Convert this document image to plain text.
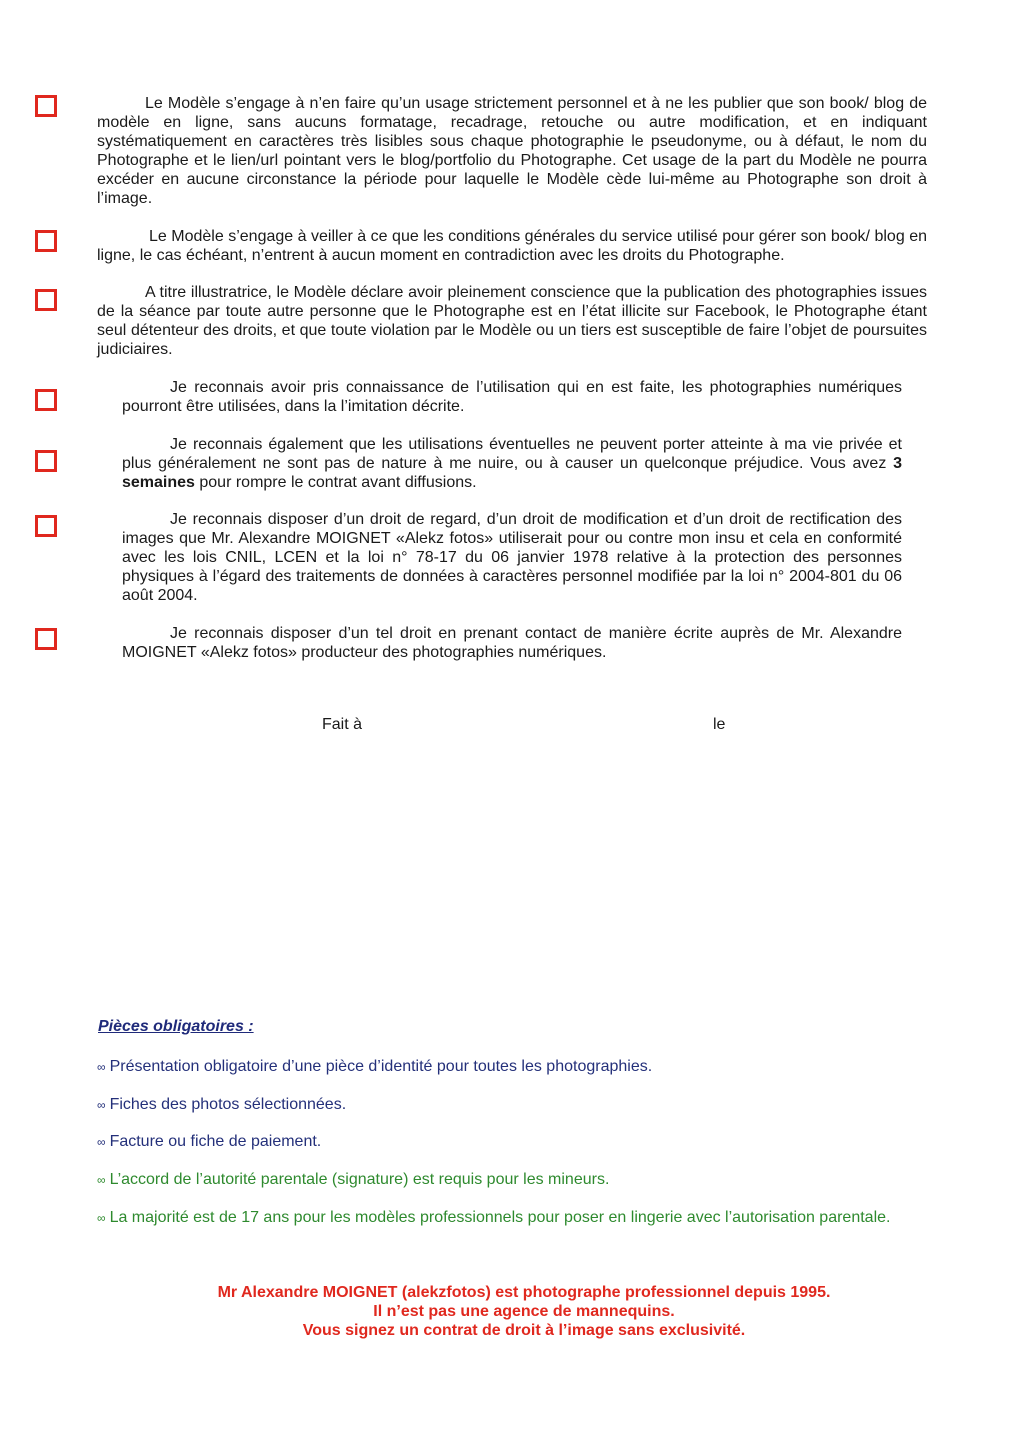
Le Modèle s’engage à n’en faire qu’un usage strictement personnel et à ne les publier que son book/ blog de modèle en ligne, sans aucuns formatage, recadrage, retouche ou autre modification, et en indiquant systématiquement en caractères très lisibles sous chaque photographie le pseudonyme, ou à défaut, le nom du Photographe et le lien/url pointant vers le blog/portfolio du Photographe. Cet usage de la part du Modèle ne pourra excéder en aucune circonstance la période pour laquelle le Modèle cède lui-même au Photographe son droit à l’image.

Le Modèle s’engage à veiller à ce que les conditions générales du service utilisé pour gérer son book/ blog en ligne, le cas échéant, n’entrent à aucun moment en contradiction avec les droits du Photographe.

A titre illustratrice, le Modèle déclare avoir pleinement conscience que la publication des photographies issues de la séance par toute autre personne que le Photographe est en l’état illicite sur Facebook, le Photographe étant seul détenteur des droits, et que toute violation par le Modèle ou un tiers est susceptible de faire l’objet de poursuites judiciaires.

Je reconnais avoir pris connaissance de l’utilisation qui en est faite, les photographies numériques pourront être utilisées, dans la l’imitation décrite.

Je reconnais également que les utilisations éventuelles ne peuvent porter atteinte à ma vie privée et plus généralement ne sont pas de nature à me nuire, ou à causer un quelconque préjudice. Vous avez 3 semaines pour rompre le contrat avant diffusions.

Je reconnais disposer d’un droit de regard, d’un droit de modification et d’un droit de rectification des images que Mr. Alexandre MOIGNET «Alekz fotos» utiliserait pour ou contre mon insu et cela en conformité avec les lois CNIL, LCEN et la loi n° 78-17 du 06 janvier 1978 relative à la protection des personnes physiques à l’égard des traitements de données à caractères personnel modifiée par la loi n° 2004-801 du 06 août 2004.

Je reconnais disposer d’un tel droit en prenant contact de manière écrite auprès de Mr. Alexandre MOIGNET «Alekz fotos» producteur des photographies numériques.

Fait à	le

Pièces obligatoires :

∞ Présentation obligatoire d’une pièce d’identité pour toutes les photographies.

∞ Fiches des photos sélectionnées.

∞ Facture ou fiche de paiement.

∞ L’accord de l’autorité parentale (signature) est requis pour les mineurs.

∞ La majorité est de 17 ans pour les modèles professionnels pour poser en lingerie avec l’autorisation parentale.

Mr Alexandre MOIGNET (alekzfotos) est photographe professionnel depuis 1995.
Il n’est pas une agence de mannequins.
Vous signez un contrat de droit à l’image sans exclusivité.
